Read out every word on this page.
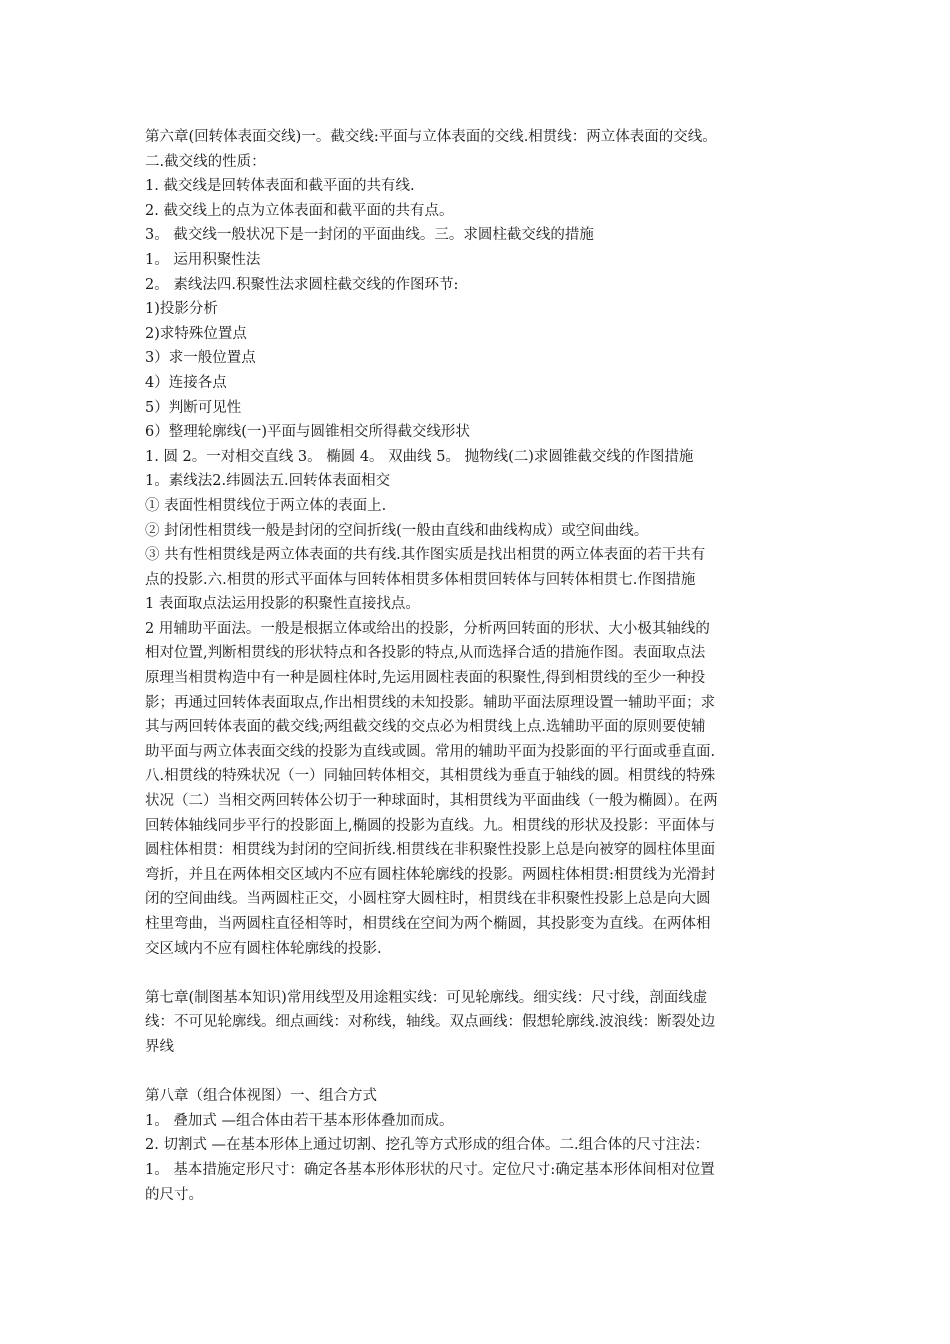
第六章(回转体表面交线)一。截交线:平面与立体表面的交线.相贯线：两立体表面的交线。
二.截交线的性质：
1. 截交线是回转体表面和截平面的共有线.
2. 截交线上的点为立体表面和截平面的共有点。
3。 截交线一般状况下是一封闭的平面曲线。三。求圆柱截交线的措施
1。 运用积聚性法
2。 素线法四.积聚性法求圆柱截交线的作图环节:
1)投影分析
2)求特殊位置点
3）求一般位置点
4）连接各点
5）判断可见性
6）整理轮廓线(一)平面与圆锥相交所得截交线形状
1. 圆 2。一对相交直线 3。 椭圆 4。 双曲线 5。 抛物线(二)求圆锥截交线的作图措施
1。素线法2.纬圆法五.回转体表面相交
① 表面性相贯线位于两立体的表面上.
② 封闭性相贯线一般是封闭的空间折线(一般由直线和曲线构成）或空间曲线。
③ 共有性相贯线是两立体表面的共有线.其作图实质是找出相贯的两立体表面的若干共有
点的投影.六.相贯的形式平面体与回转体相贯多体相贯回转体与回转体相贯七.作图措施
1 表面取点法运用投影的积聚性直接找点。
2 用辅助平面法。一般是根据立体或给出的投影，分析两回转面的形状、大小极其轴线的
相对位置,判断相贯线的形状特点和各投影的特点,从而选择合适的措施作图。表面取点法
原理当相贯构造中有一种是圆柱体时,先运用圆柱表面的积聚性,得到相贯线的至少一种投
影；再通过回转体表面取点,作出相贯线的未知投影。辅助平面法原理设置一辅助平面；求
其与两回转体表面的截交线;两组截交线的交点必为相贯线上点.选辅助平面的原则要使辅
助平面与两立体表面交线的投影为直线或圆。常用的辅助平面为投影面的平行面或垂直面.
八.相贯线的特殊状况（一）同轴回转体相交，其相贯线为垂直于轴线的圆。相贯线的特殊
状况（二）当相交两回转体公切于一种球面时，其相贯线为平面曲线（一般为椭圆）。在两
回转体轴线同步平行的投影面上,椭圆的投影为直线。九。相贯线的形状及投影：平面体与
圆柱体相贯：相贯线为封闭的空间折线.相贯线在非积聚性投影上总是向被穿的圆柱体里面
弯折，并且在两体相交区域内不应有圆柱体轮廓线的投影。两圆柱体相贯:相贯线为光滑封
闭的空间曲线。当两圆柱正交，小圆柱穿大圆柱时，相贯线在非积聚性投影上总是向大圆
柱里弯曲，当两圆柱直径相等时，相贯线在空间为两个椭圆，其投影变为直线。在两体相
交区域内不应有圆柱体轮廓线的投影.
第七章(制图基本知识)常用线型及用途粗实线：可见轮廓线。细实线：尺寸线，剖面线虚
线：不可见轮廓线。细点画线：对称线，轴线。双点画线：假想轮廓线.波浪线：断裂处边
界线
第八章（组合体视图）一、组合方式
1。 叠加式 —组合体由若干基本形体叠加而成。
2. 切割式 —在基本形体上通过切割、挖孔等方式形成的组合体。二.组合体的尺寸注法：
1。 基本措施定形尺寸：确定各基本形体形状的尺寸。定位尺寸:确定基本形体间相对位置
的尺寸。
